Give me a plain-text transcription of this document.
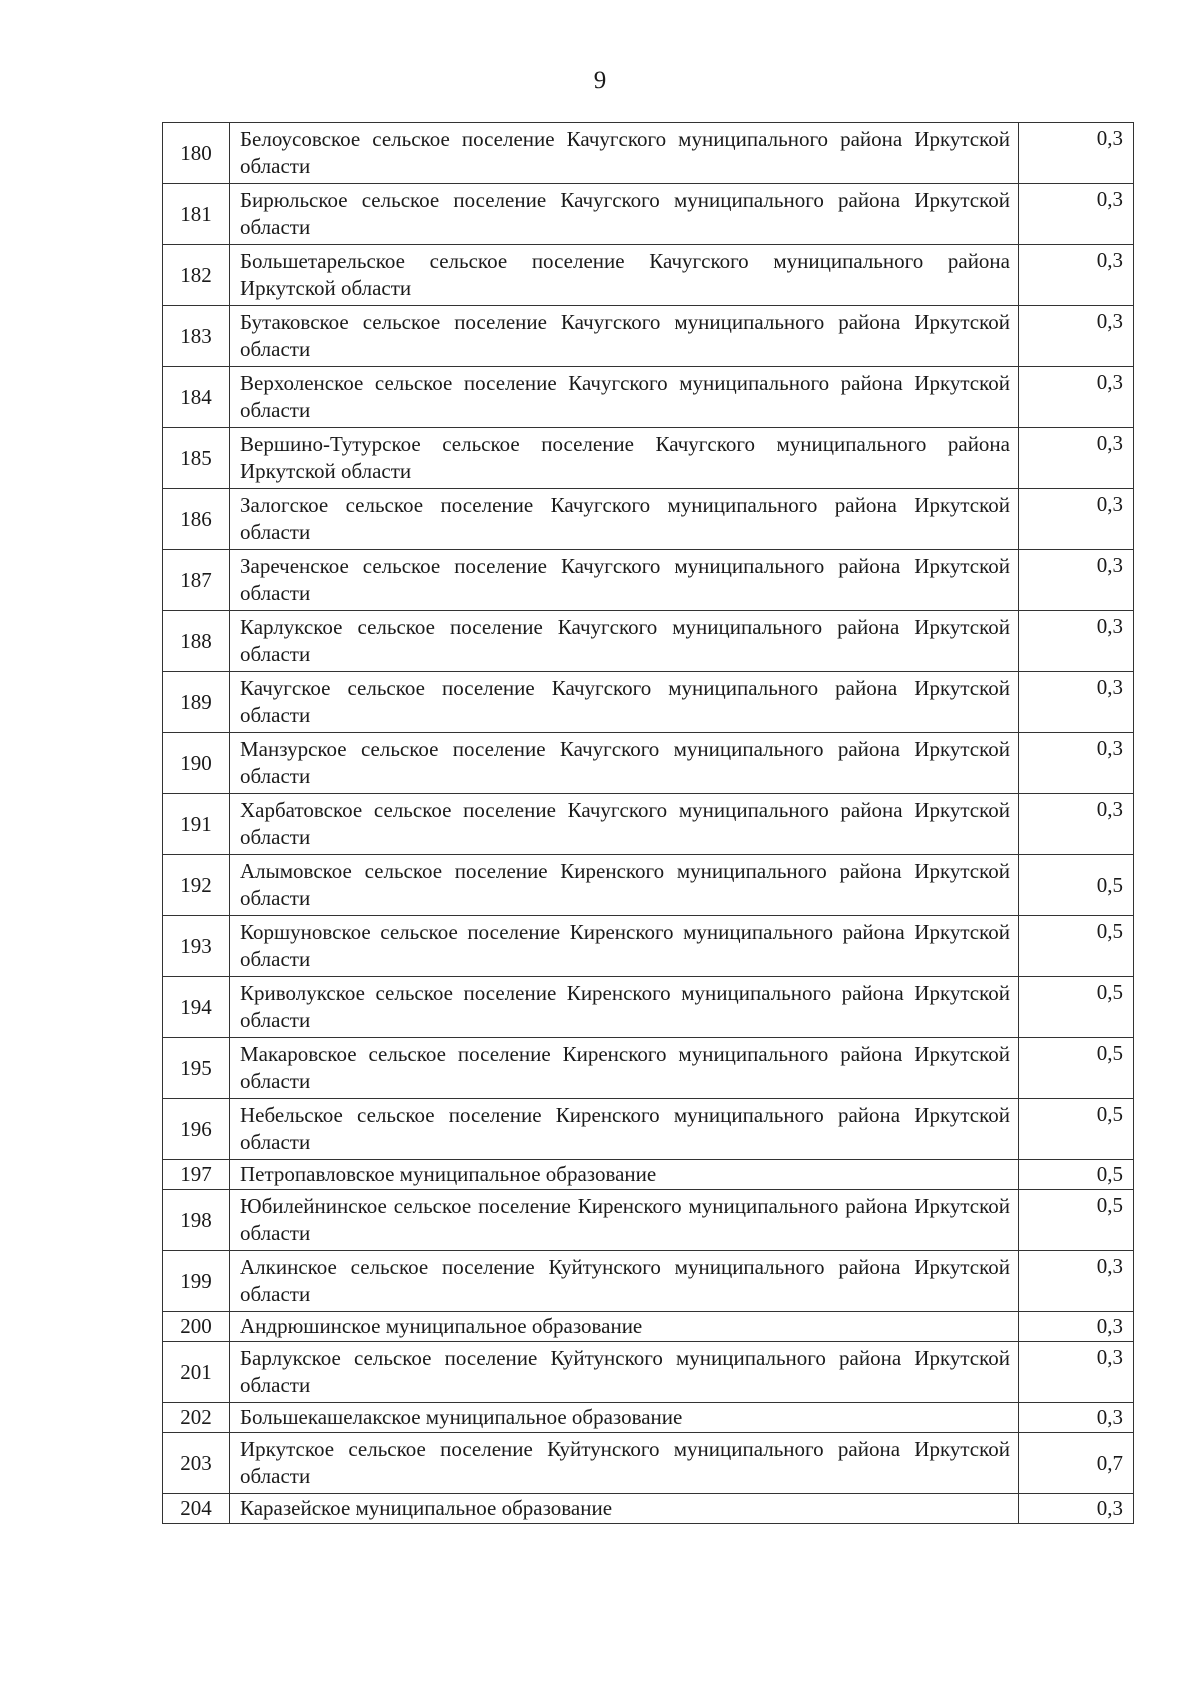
9
180	Белоусовское сельское поселение Качугского муниципального района Иркутской области	0,3
181	Бирюльское сельское поселение Качугского муниципального района Иркутской области	0,3
182	Большетарельское сельское поселение Качугского муниципального района Иркутской области	0,3
183	Бутаковское сельское поселение Качугского муниципального района Иркутской области	0,3
184	Верхоленское сельское поселение Качугского муниципального района Иркутской области	0,3
185	Вершино-Тутурское сельское поселение Качугского муниципального района Иркутской области	0,3
186	Залогское сельское поселение Качугского муниципального района Иркутской области	0,3
187	Зареченское сельское поселение Качугского муниципального района Иркутской области	0,3
188	Карлукское сельское поселение Качугского муниципального района Иркутской области	0,3
189	Качугское сельское поселение Качугского муниципального района Иркутской области	0,3
190	Манзурское сельское поселение Качугского муниципального района Иркутской области	0,3
191	Харбатовское сельское поселение Качугского муниципального района Иркутской области	0,3
192	Алымовское сельское поселение Киренского муниципального района Иркутской области	0,5
193	Коршуновское сельское поселение Киренского муниципального района Иркутской области	0,5
194	Криволукское сельское поселение Киренского муниципального района Иркутской области	0,5
195	Макаровское сельское поселение Киренского муниципального района Иркутской области	0,5
196	Небельское сельское поселение Киренского муниципального района Иркутской области	0,5
197	Петропавловское муниципальное образование	0,5
198	Юбилейнинское сельское поселение Киренского муниципального района Иркутской области	0,5
199	Алкинское сельское поселение Куйтунского муниципального района Иркутской области	0,3
200	Андрюшинское муниципальное образование	0,3
201	Барлукское сельское поселение Куйтунского муниципального района Иркутской области	0,3
202	Большекашелакское муниципальное образование	0,3
203	Иркутское сельское поселение Куйтунского муниципального района Иркутской области	0,7
204	Каразейское муниципальное образование	0,3
